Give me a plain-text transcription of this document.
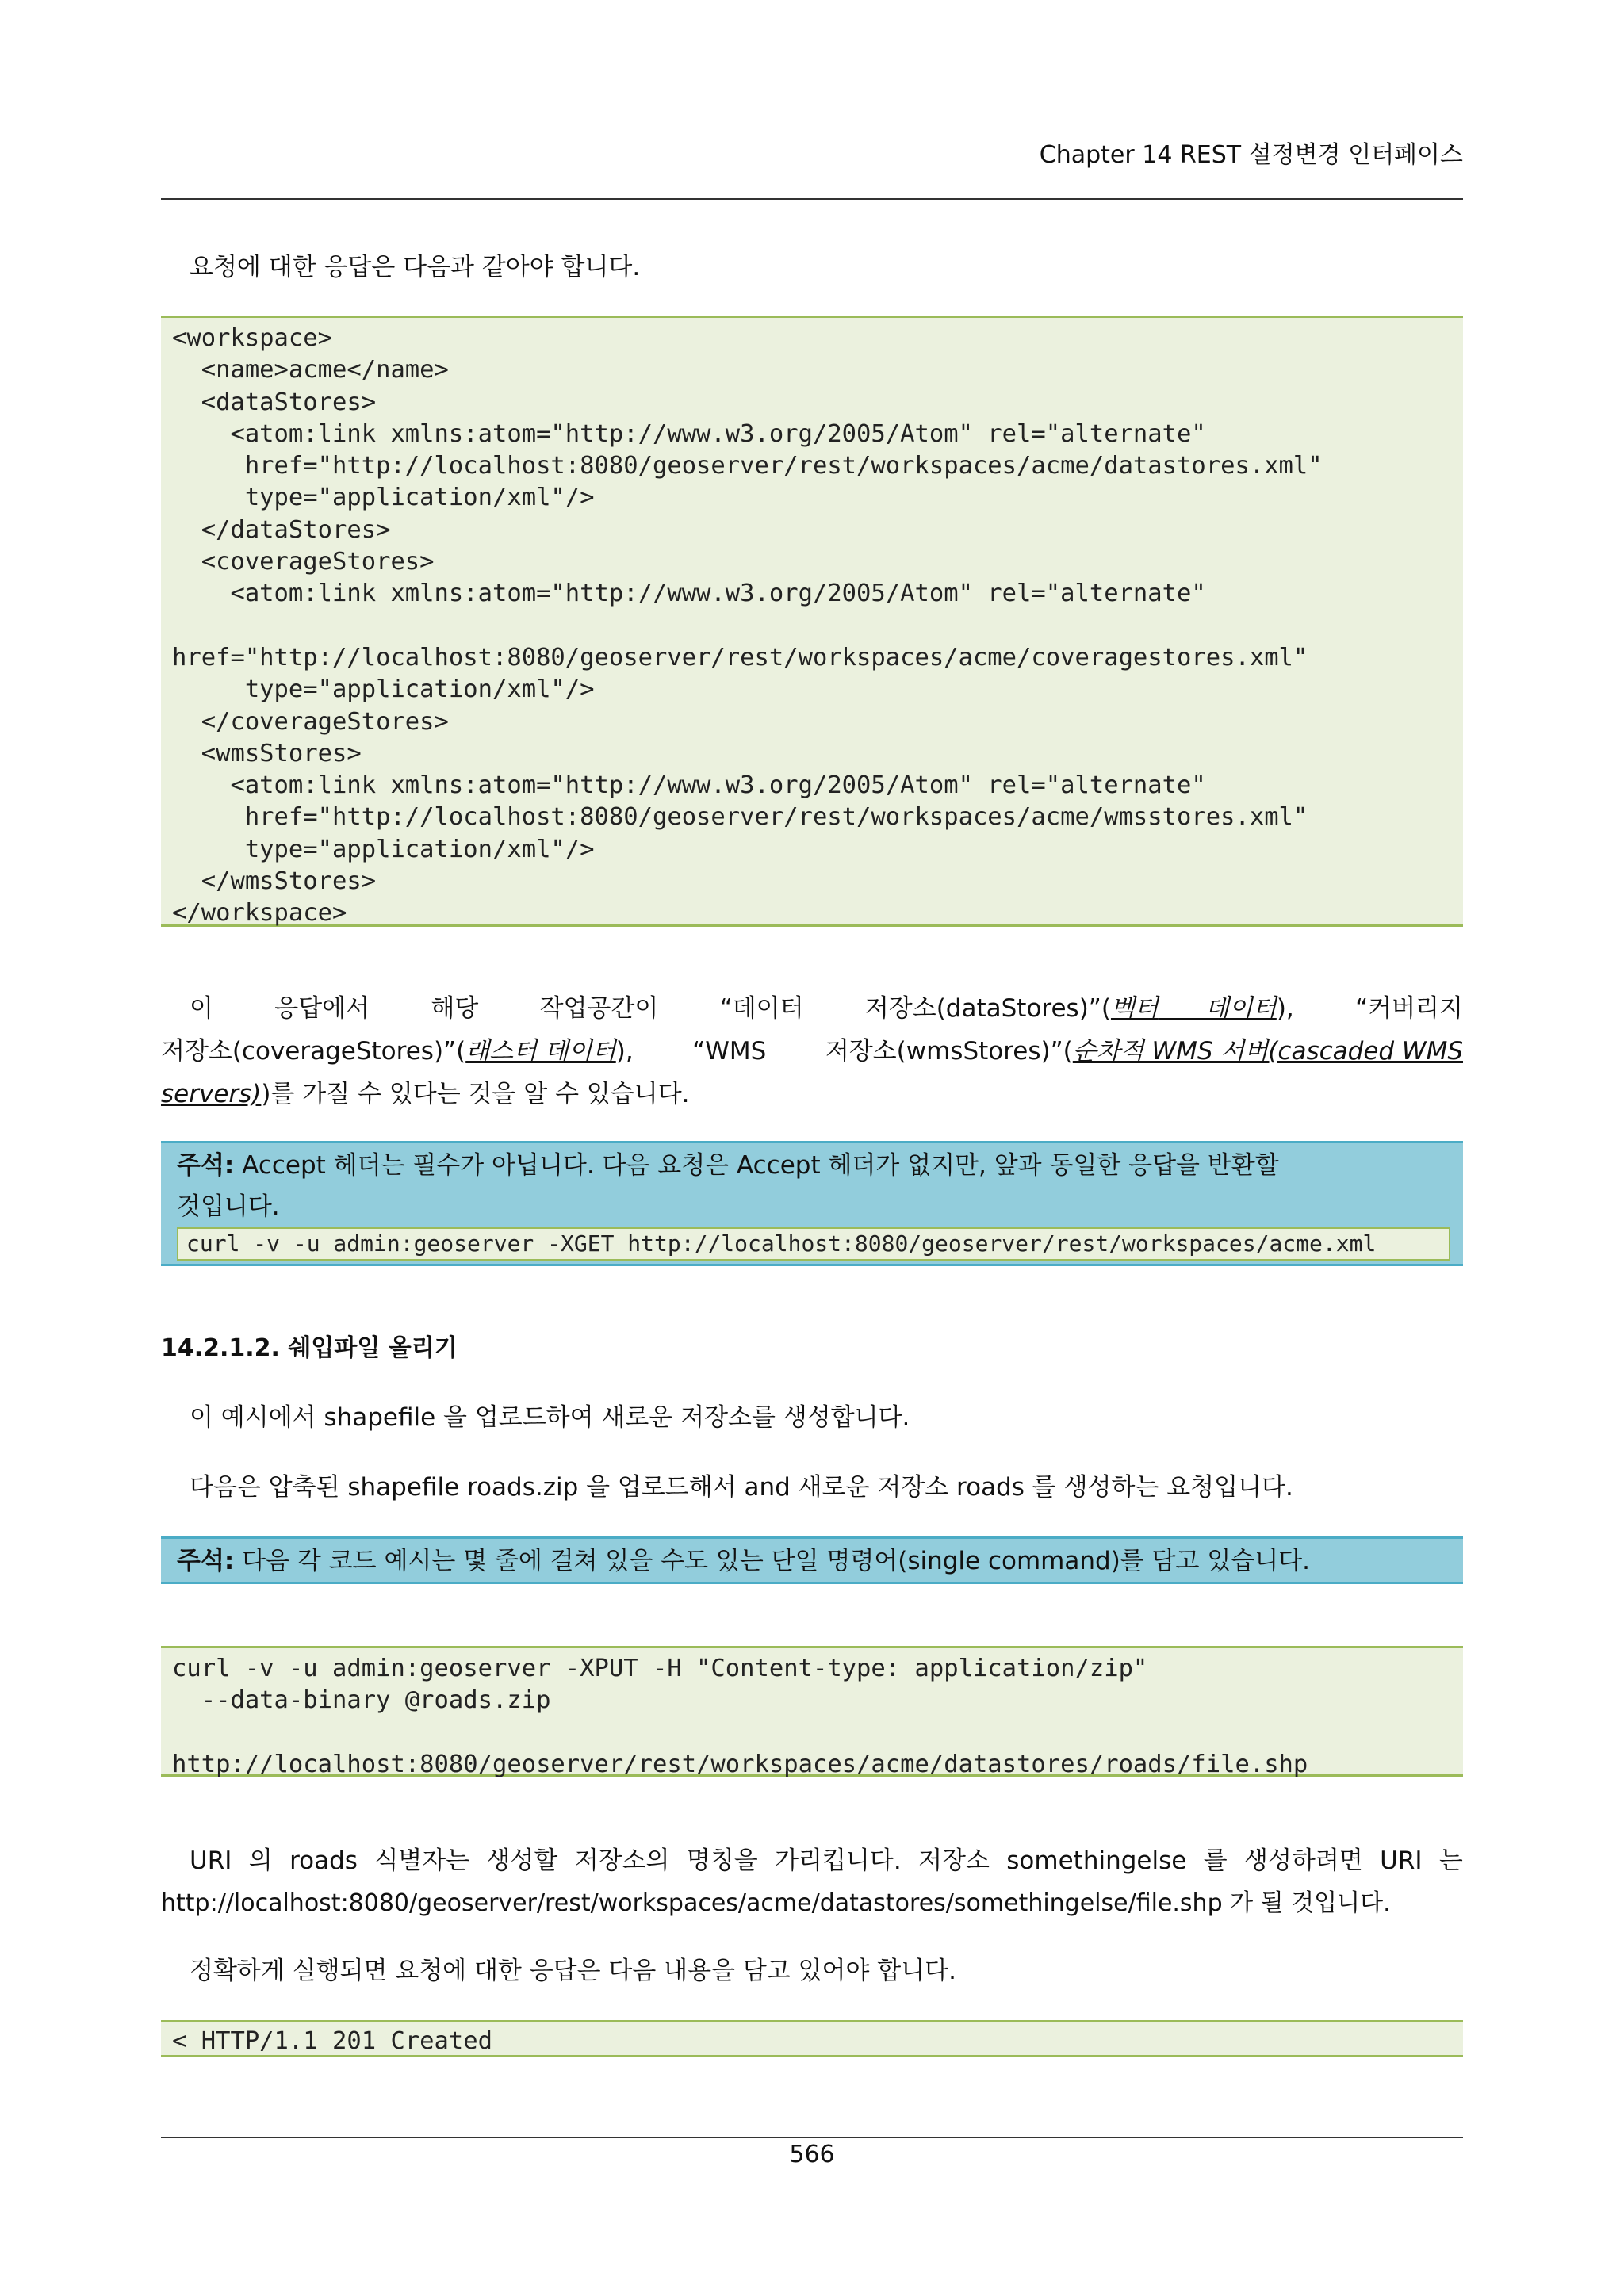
Chapter 14 REST 설정변경 인터페이스
요청에 대한 응답은 다음과 같아야 합니다.
<workspace>
<name>acme</name>
<dataStores>
<atom:link xmlns:atom="http://www.w3.org/2005/Atom" rel="alternate"
href="http://localhost:8080/geoserver/rest/workspaces/acme/datastores.xml"
type="application/xml"/>
</dataStores>
<coverageStores>
<atom:link xmlns:atom="http://www.w3.org/2005/Atom" rel="alternate"

href="http://localhost:8080/geoserver/rest/workspaces/acme/coveragestores.xml"
type="application/xml"/>
</coverageStores>
<wmsStores>
<atom:link xmlns:atom="http://www.w3.org/2005/Atom" rel="alternate"
href="http://localhost:8080/geoserver/rest/workspaces/acme/wmsstores.xml"
type="application/xml"/>
</wmsStores>
</workspace>
이 응답에서 해당 작업공간이 “데이터 저장소(dataStores)”(벡터 데이터), “커버리지
저장소(coverageStores)”(래스터 데이터), “WMS 저장소(wmsStores)”(순차적 WMS 서버(cascaded WMS
servers))를 가질 수 있다는 것을 알 수 있습니다.
주석: Accept 헤더는 필수가 아닙니다. 다음 요청은 Accept 헤더가 없지만, 앞과 동일한 응답을 반환할
것입니다.
curl -v -u admin:geoserver -XGET http://localhost:8080/geoserver/rest/workspaces/acme.xml
14.2.1.2. 쉐입파일 올리기
이 예시에서 shapefile 을 업로드하여 새로운 저장소를 생성합니다.
다음은 압축된 shapefile roads.zip 을 업로드해서 and 새로운 저장소 roads 를 생성하는 요청입니다.
주석: 다음 각 코드 예시는 몇 줄에 걸쳐 있을 수도 있는 단일 명령어(single command)를 담고 있습니다.
curl -v -u admin:geoserver -XPUT -H "Content-type: application/zip"
--data-binary @roads.zip

http://localhost:8080/geoserver/rest/workspaces/acme/datastores/roads/file.shp
URI 의 roads 식별자는 생성할 저장소의 명칭을 가리킵니다. 저장소 somethingelse 를 생성하려면 URI 는
http://localhost:8080/geoserver/rest/workspaces/acme/datastores/somethingelse/file.shp 가 될 것입니다.
정확하게 실행되면 요청에 대한 응답은 다음 내용을 담고 있어야 합니다.
< HTTP/1.1 201 Created
566
